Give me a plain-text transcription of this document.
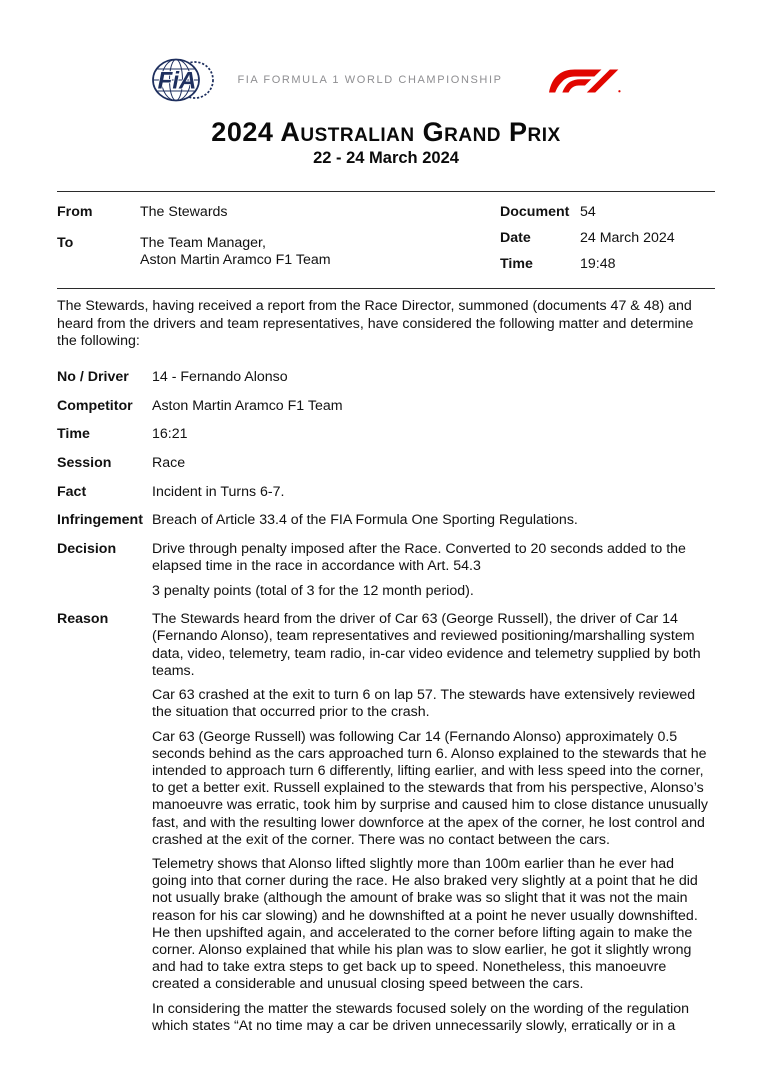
FiA	FIA FORMULA 1 WORLD CHAMPIONSHIP
2024 Australian Grand Prix
22 - 24 March 2024
From	The Stewards
To	The Team Manager,
Aston Martin Aramco F1 Team
Document 54
Date	24 March 2024
Time	19:48

The Stewards, having received a report from the Race Director, summoned (documents 47 & 48) and heard from the drivers and team representatives, have considered the following matter and determine the following:

No / Driver	14 - Fernando Alonso
Competitor	Aston Martin Aramco F1 Team
Time	16:21
Session	Race
Fact	Incident in Turns 6-7.
Infringement Breach of Article 33.4 of the FIA Formula One Sporting Regulations.
Decision	Drive through penalty imposed after the Race. Converted to 20 seconds added to the elapsed time in the race in accordance with Art. 54.3

3 penalty points (total of 3 for the 12 month period).

Reason	The Stewards heard from the driver of Car 63 (George Russell), the driver of Car 14 (Fernando Alonso), team representatives and reviewed positioning/marshalling system data, video, telemetry, team radio, in-car video evidence and telemetry supplied by both teams.

Car 63 crashed at the exit to turn 6 on lap 57. The stewards have extensively reviewed the situation that occurred prior to the crash.

Car 63 (George Russell) was following Car 14 (Fernando Alonso) approximately 0.5 seconds behind as the cars approached turn 6. Alonso explained to the stewards that he intended to approach turn 6 differently, lifting earlier, and with less speed into the corner, to get a better exit. Russell explained to the stewards that from his perspective, Alonso’s manoeuvre was erratic, took him by surprise and caused him to close distance unusually fast, and with the resulting lower downforce at the apex of the corner, he lost control and crashed at the exit of the corner. There was no contact between the cars.

Telemetry shows that Alonso lifted slightly more than 100m earlier than he ever had going into that corner during the race. He also braked very slightly at a point that he did not usually brake (although the amount of brake was so slight that it was not the main reason for his car slowing) and he downshifted at a point he never usually downshifted. He then upshifted again, and accelerated to the corner before lifting again to make the corner. Alonso explained that while his plan was to slow earlier, he got it slightly wrong and had to take extra steps to get back up to speed. Nonetheless, this manoeuvre created a considerable and unusual closing speed between the cars.

In considering the matter the stewards focused solely on the wording of the regulation which states “At no time may a car be driven unnecessarily slowly, erratically or in a
